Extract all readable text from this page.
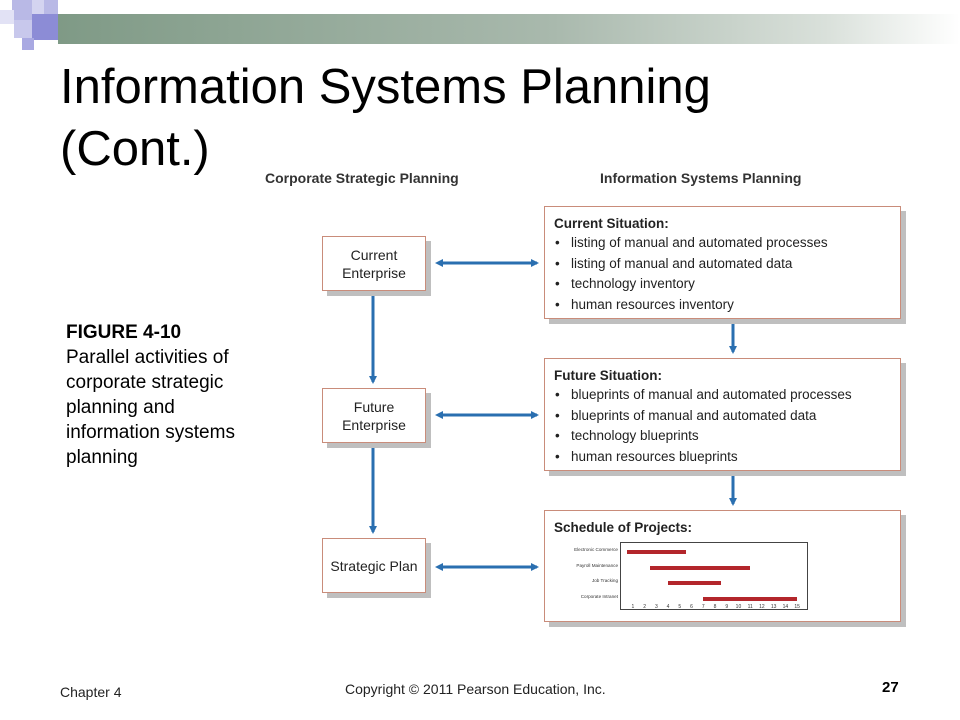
Information Systems Planning (Cont.)
Corporate Strategic Planning	Information Systems Planning
FIGURE 4-10
Parallel activities of corporate strategic planning and information systems planning
Current Enterprise
Future Enterprise
Strategic Plan
Current Situation:
• listing of manual and automated processes
• listing of manual and automated data
• technology inventory
• human resources inventory
Future Situation:
• blueprints of manual and automated processes
• blueprints of manual and automated data
• technology blueprints
• human resources blueprints
Schedule of Projects:
Electronic Commerce
Payroll Maintenance
Job Tracking
Corporate Intranet
1 2 3 4 5 6 7 8 9 10 11 12 13 14 15
Chapter 4	Copyright © 2011 Pearson Education, Inc.	27
